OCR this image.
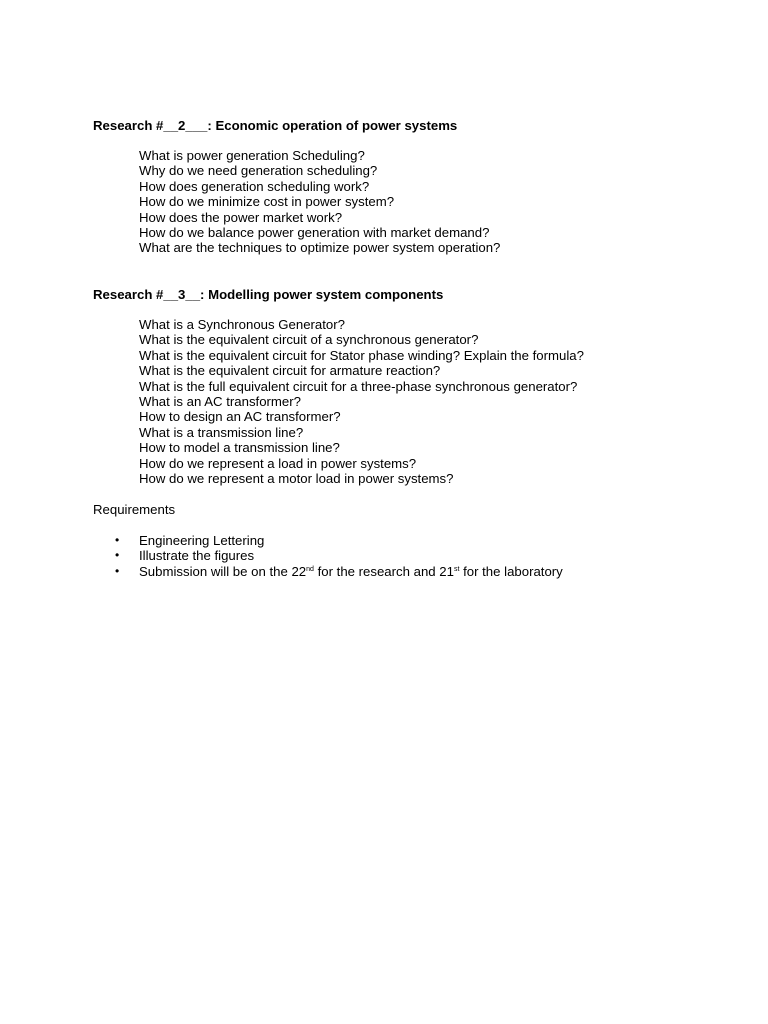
Research #__2___: Economic operation of power systems
What is power generation Scheduling?
Why do we need generation scheduling?
How does generation scheduling work?
How do we minimize cost in power system?
How does the power market work?
How do we balance power generation with market demand?
What are the techniques to optimize power system operation?
Research #__3__: Modelling power system components
What is a Synchronous Generator?
What is the equivalent circuit of a synchronous generator?
What is the equivalent circuit for Stator phase winding? Explain the formula?
What is the equivalent circuit for armature reaction?
What is the full equivalent circuit for a three-phase synchronous generator?
What is an AC transformer?
How to design an AC transformer?
What is a transmission line?
How to model a transmission line?
How do we represent a load in power systems?
How do we represent a motor load in power systems?
Requirements
• Engineering Lettering
• Illustrate the figures
• Submission will be on the 22nd for the research and 21st for the laboratory
